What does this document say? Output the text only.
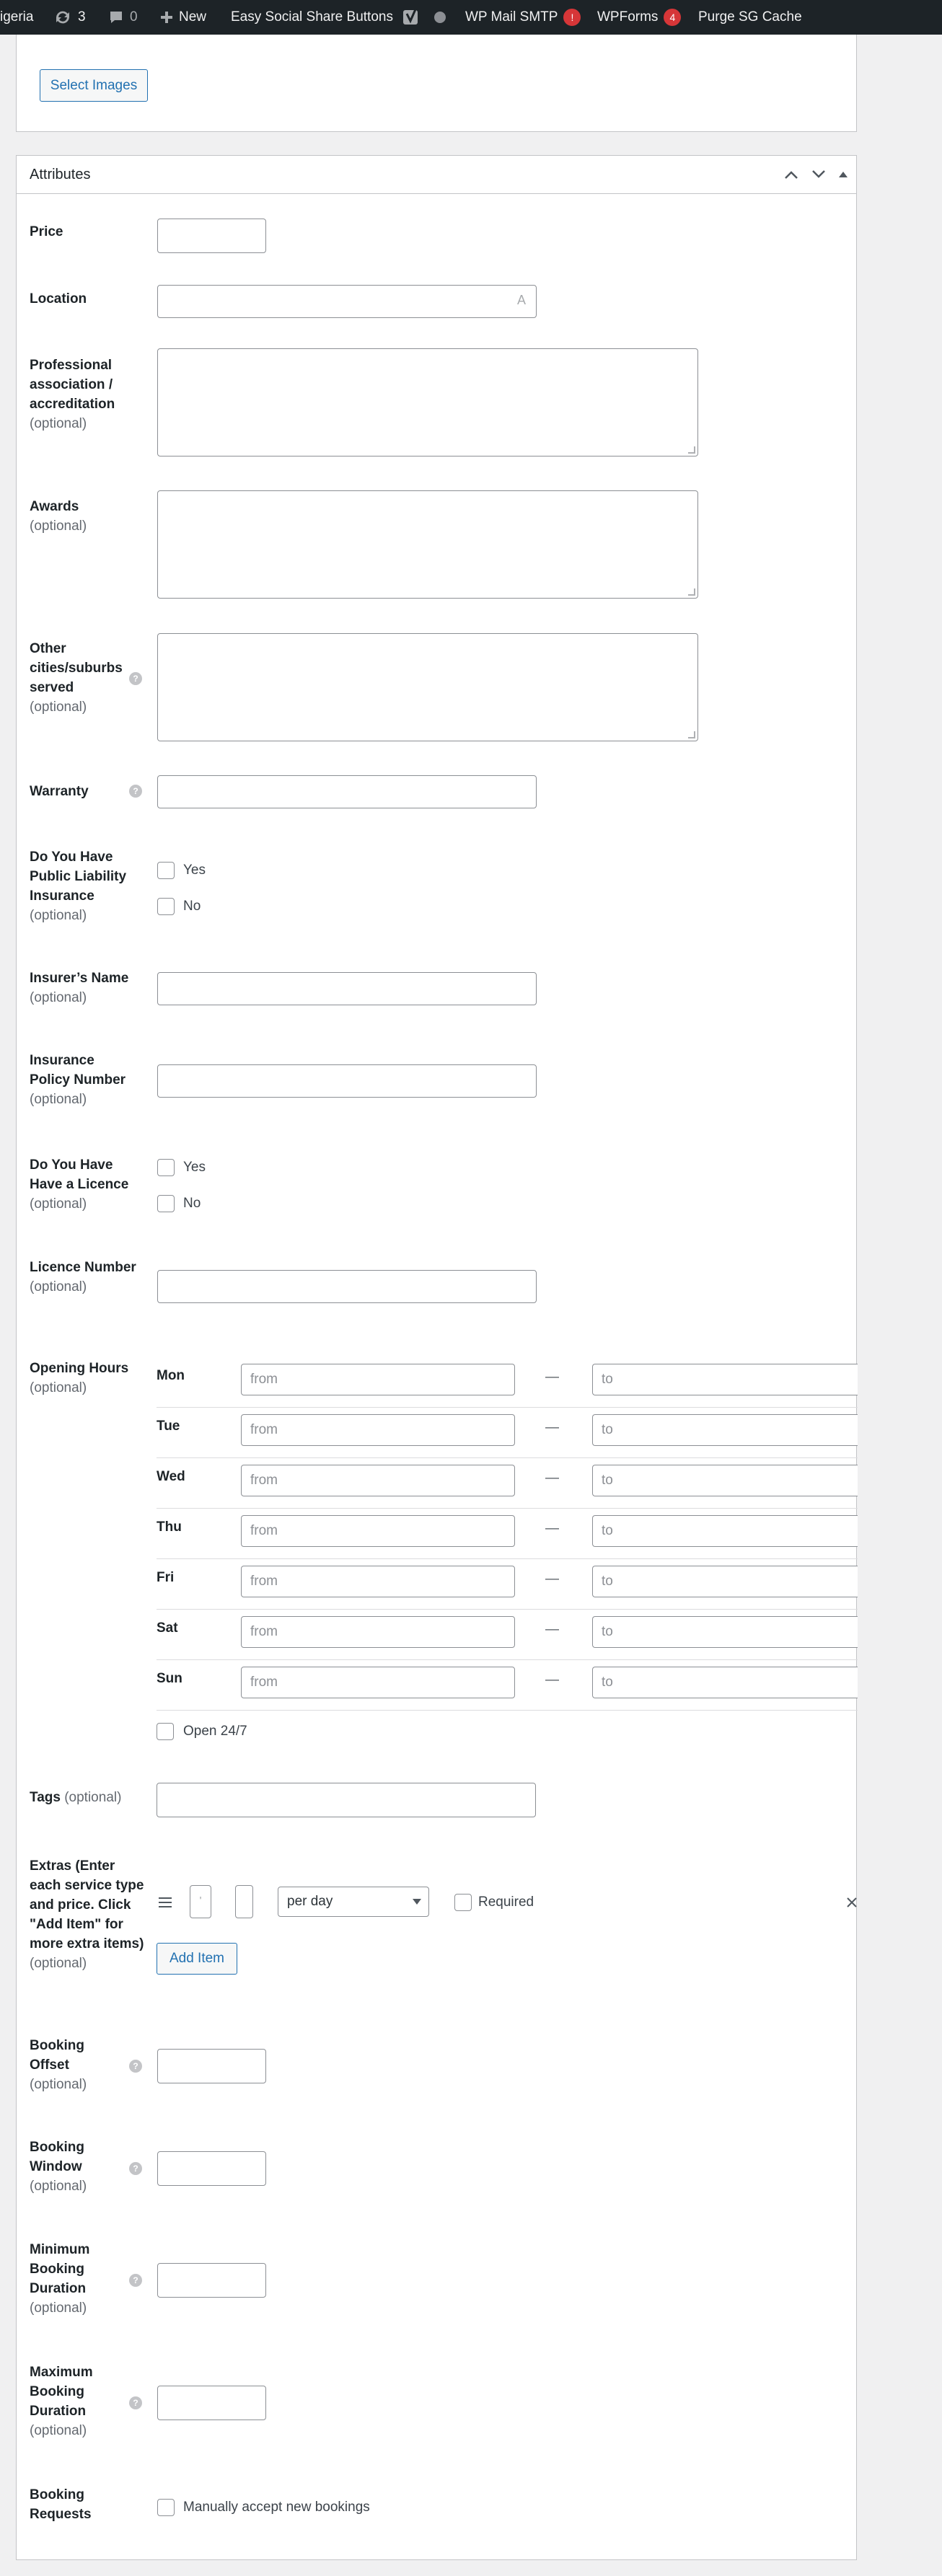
igeria	3	0	New Easy Social Share Buttons	WP Mail SMTP	!	WPForms	4	Purge SG Cache
Select Images
Attributes
Price
Location	A
Professional association / accreditation
(optional)
Awards
(optional)
Other cities/suburbs served
(optional)
?
Warranty	?
Do You Have Public Liability Insurance
(optional)
Yes
No
Insurer’s Name
(optional)
Insurance Policy Number
(optional)
Do You Have Have a Licence
(optional)
Yes
No
Licence Number
(optional)
Opening Hours
(optional)
Mon	from	—	to
Tue	from	—	to
Wed	from	—	to
Thu	from	—	to
Fri	from	—	to
Sat	from	—	to
Sun	from	—	to
Open 24/7
Tags (optional)
Extras (Enter each service type and price. Click "Add Item" for more extra items)
(optional)
'	per day	Required
Add Item
Booking Offset
(optional)
?
Booking Window
(optional)
?
Minimum Booking Duration
(optional)
?
Maximum Booking Duration
(optional)
?
Booking Requests	Manually accept new bookings
